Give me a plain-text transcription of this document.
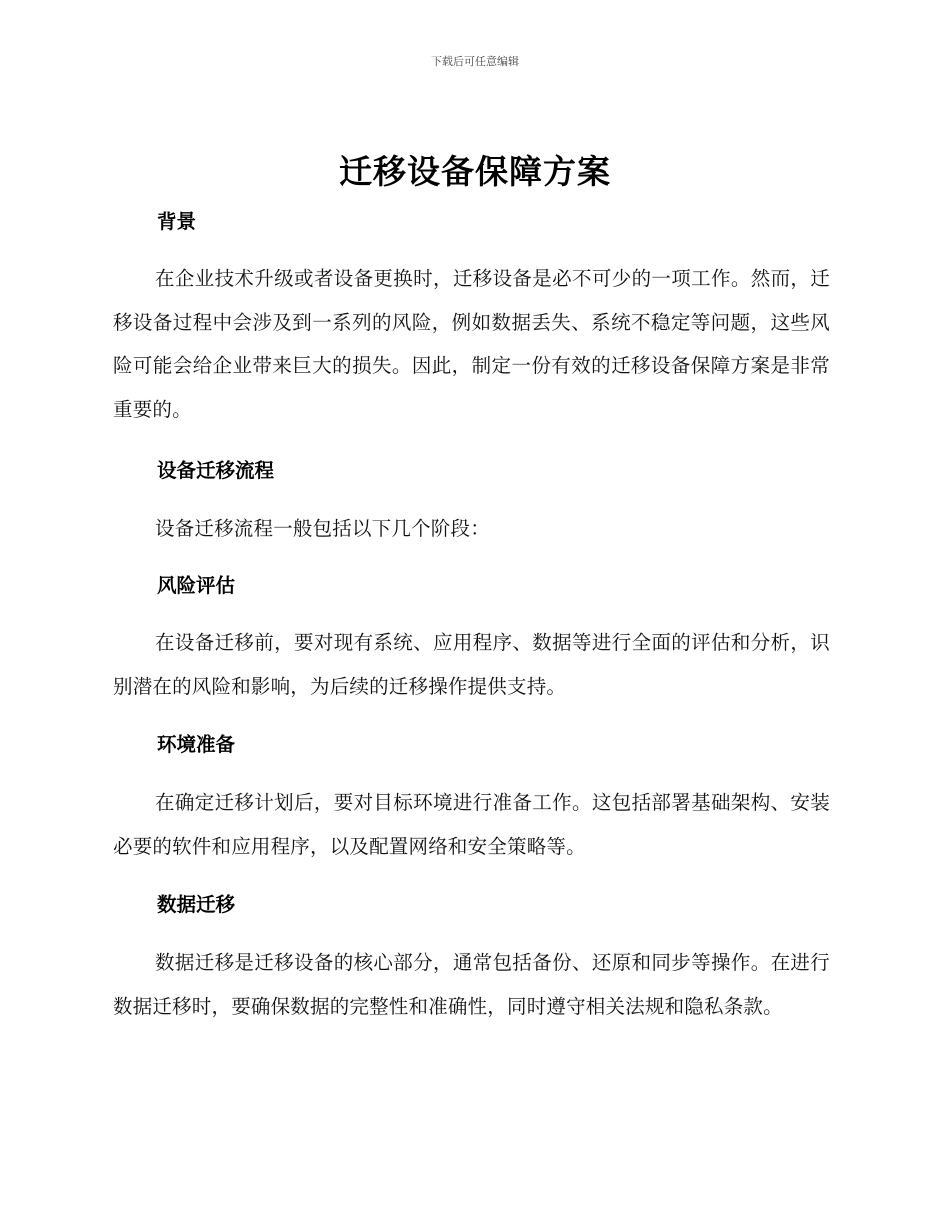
下载后可任意编辑
迁移设备保障方案
背景
在企业技术升级或者设备更换时，迁移设备是必不可少的一项工作。然而，迁移设备过程中会涉及到一系列的风险，例如数据丢失、系统不稳定等问题，这些风险可能会给企业带来巨大的损失。因此，制定一份有效的迁移设备保障方案是非常重要的。
设备迁移流程
设备迁移流程一般包括以下几个阶段：
风险评估
在设备迁移前，要对现有系统、应用程序、数据等进行全面的评估和分析，识别潜在的风险和影响，为后续的迁移操作提供支持。
环境准备
在确定迁移计划后，要对目标环境进行准备工作。这包括部署基础架构、安装必要的软件和应用程序，以及配置网络和安全策略等。
数据迁移
数据迁移是迁移设备的核心部分，通常包括备份、还原和同步等操作。在进行数据迁移时，要确保数据的完整性和准确性，同时遵守相关法规和隐私条款。
